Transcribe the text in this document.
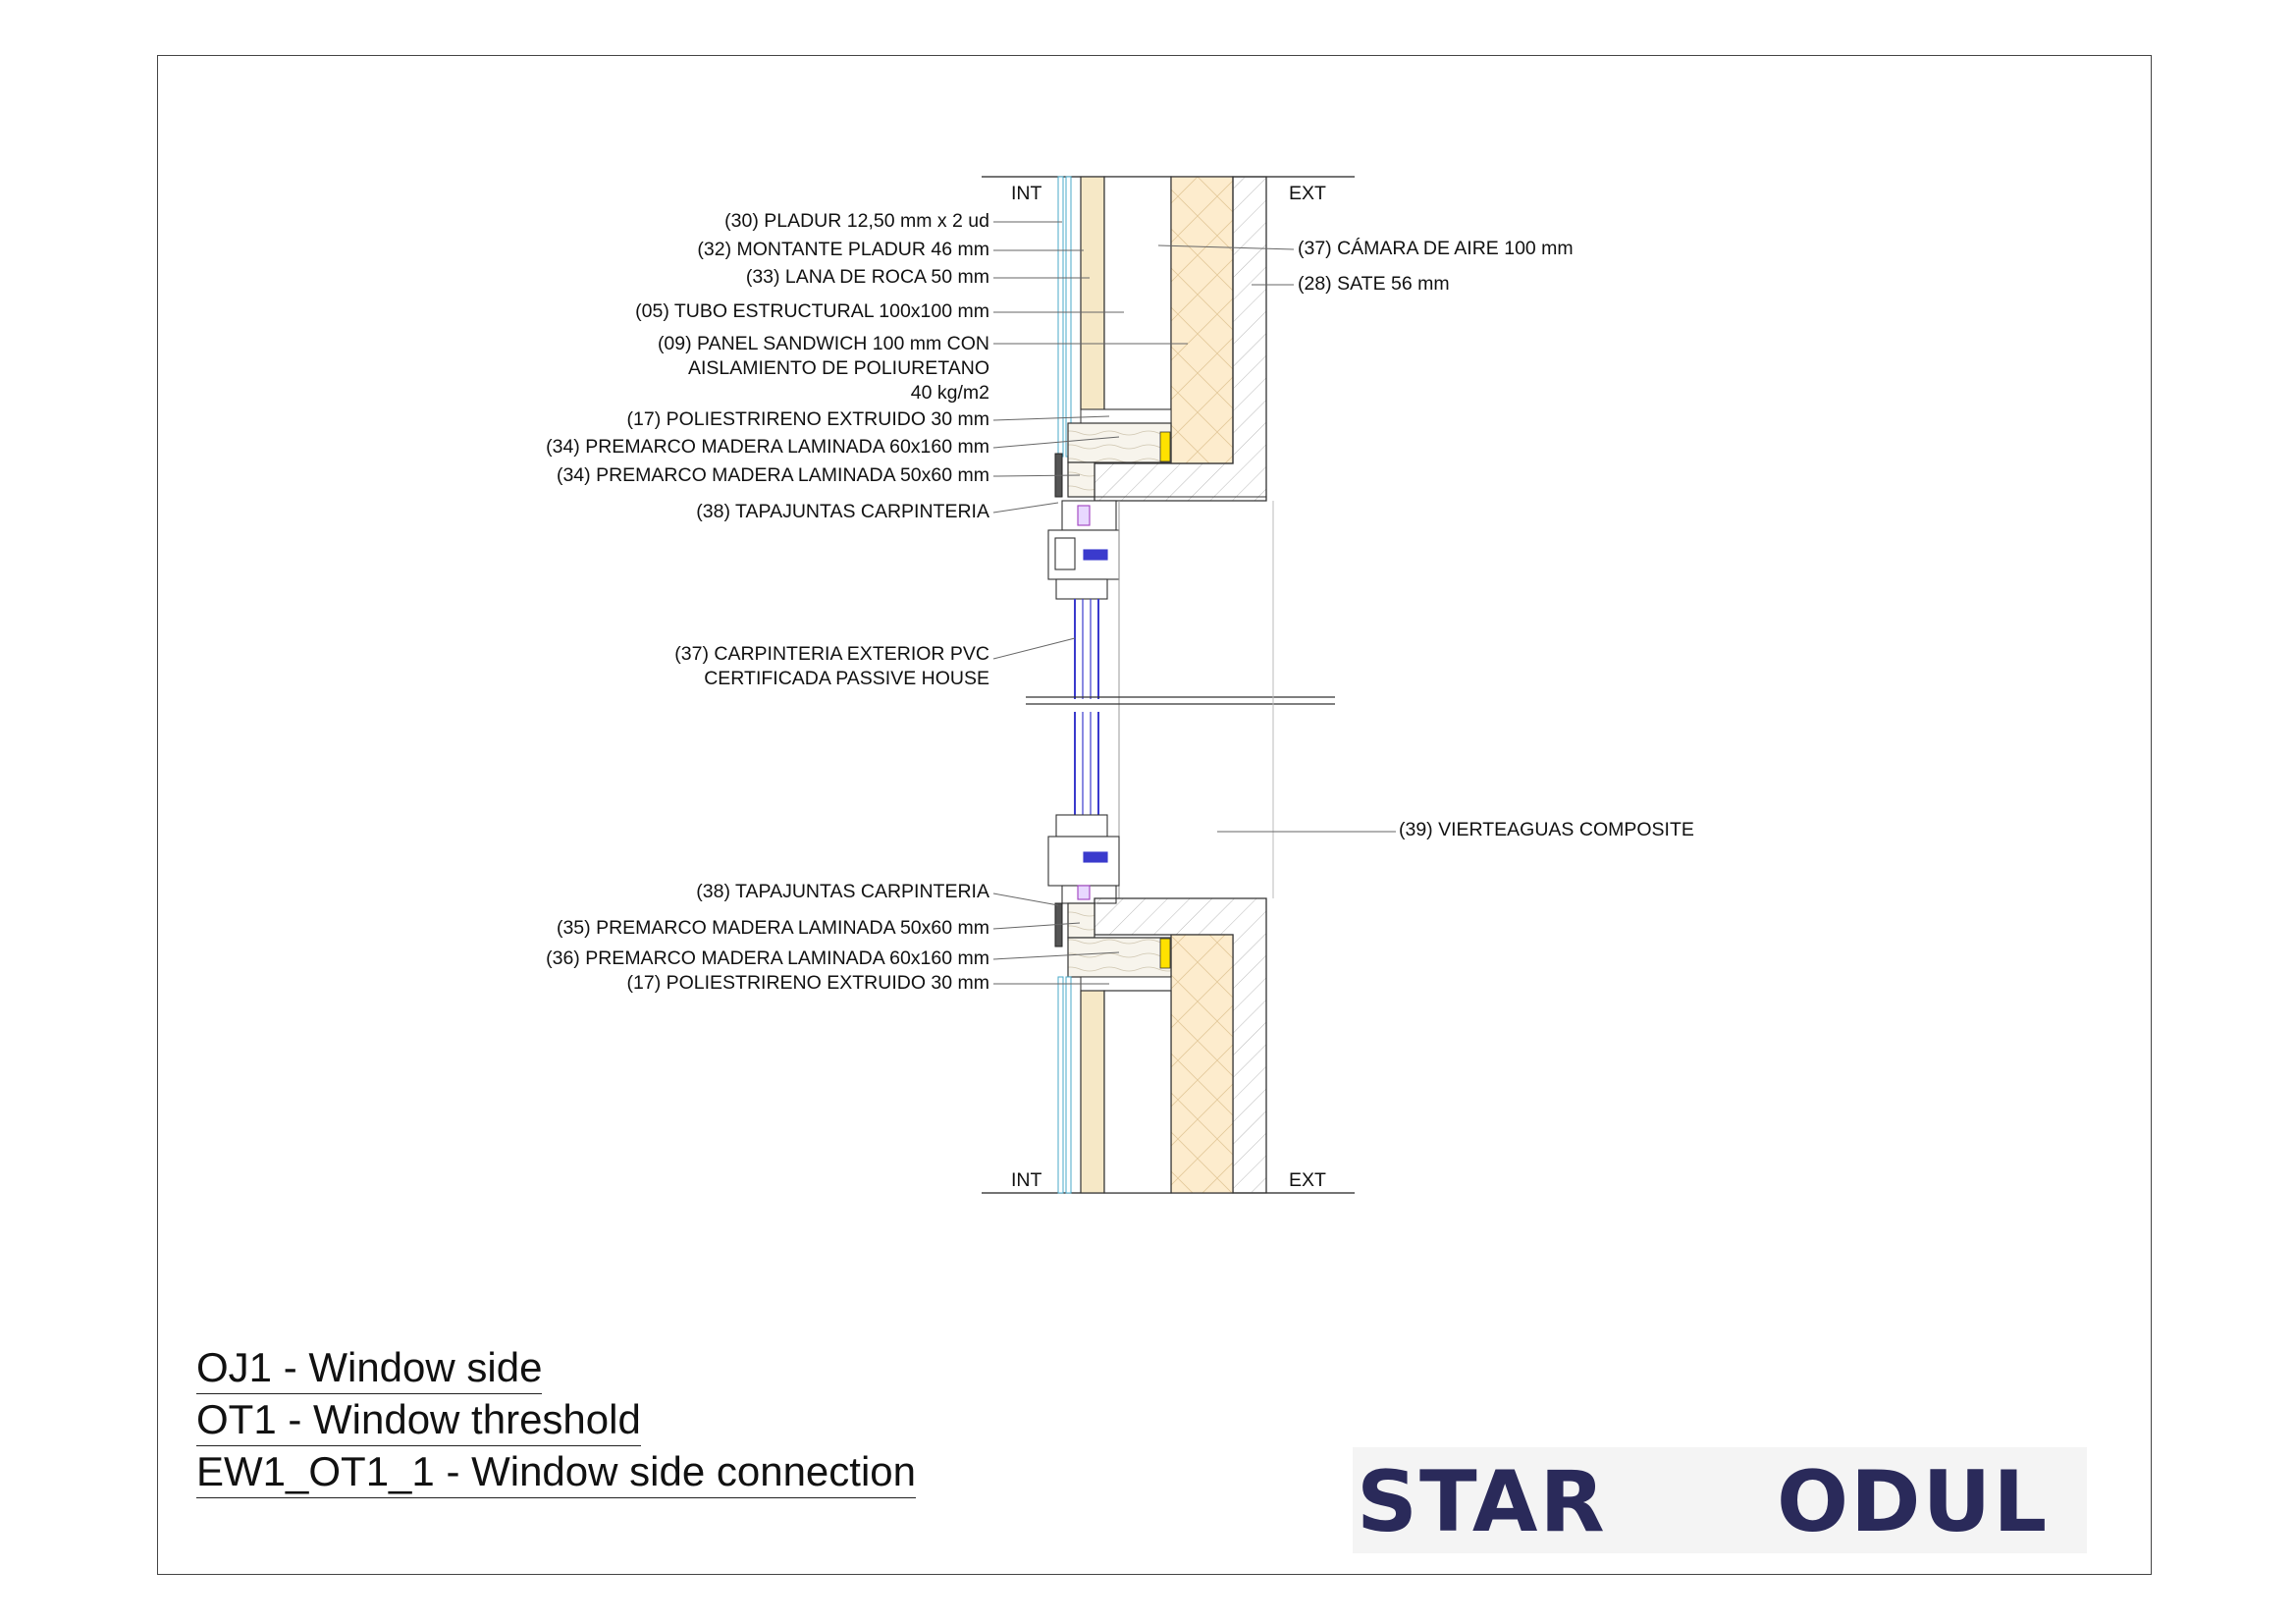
INT	EXT
INT	EXT
(30) PLADUR 12,50 mm x 2 ud
(32) MONTANTE PLADUR 46 mm
(33) LANA DE ROCA 50 mm
(05) TUBO ESTRUCTURAL 100x100 mm
(09) PANEL SANDWICH 100 mm CON
AISLAMIENTO DE POLIURETANO
40 kg/m2
(17) POLIESTRIRENO EXTRUIDO 30 mm
(34) PREMARCO MADERA LAMINADA 60x160 mm
(34) PREMARCO MADERA LAMINADA 50x60 mm
(38) TAPAJUNTAS CARPINTERIA
(37) CARPINTERIA EXTERIOR PVC
CERTIFICADA PASSIVE HOUSE
(38) TAPAJUNTAS CARPINTERIA
(35) PREMARCO MADERA LAMINADA 50x60 mm
(36) PREMARCO MADERA LAMINADA 60x160 mm
(17) POLIESTRIRENO EXTRUIDO 30 mm
(37) CÁMARA DE AIRE 100 mm
(28) SATE 56 mm
(39) VIERTEAGUAS COMPOSITE
OJ1 - Window side
OT1 - Window threshold
EW1_OT1_1 - Window side connection	STAR ODUL
